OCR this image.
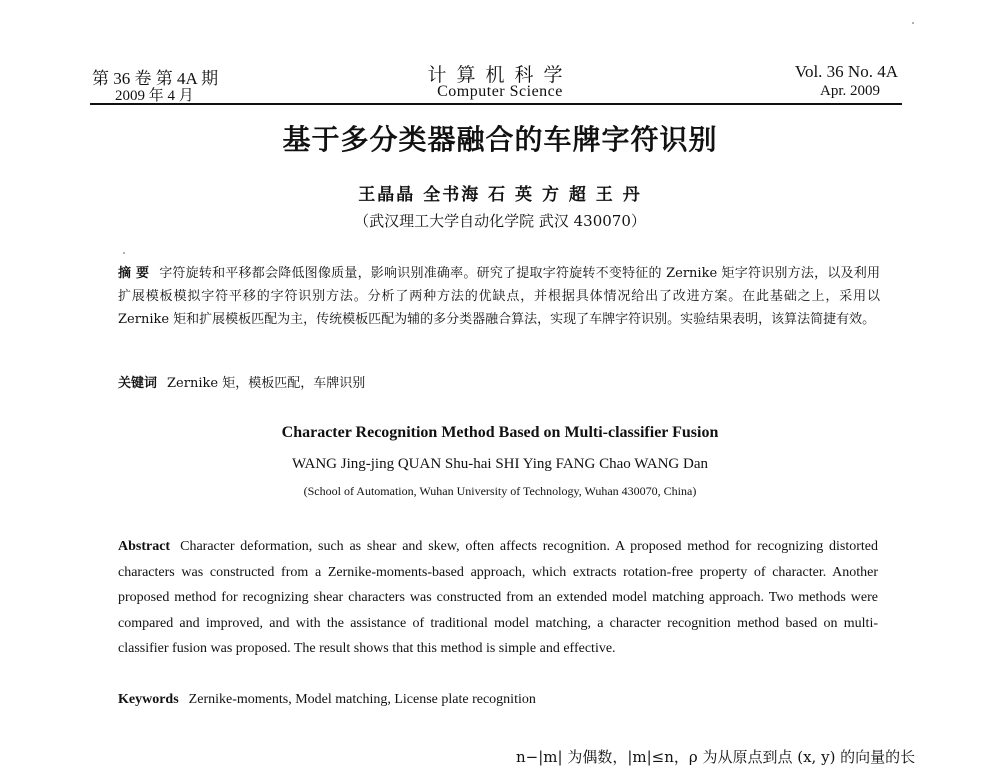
第 36 卷 第 4A 期
2009 年 4 月
计算机科学
Computer Science
Vol. 36 No. 4A
Apr. 2009
基于多分类器融合的车牌字符识别
王晶晶 全书海 石 英 方 超 王 丹
（武汉理工大学自动化学院 武汉 430070）
摘 要 字符旋转和平移都会降低图像质量，影响识别准确率。研究了提取字符旋转不变特征的 Zernike 矩字符识别方法，以及利用扩展模板模拟字符平移的字符识别方法。分析了两种方法的优缺点，并根据具体情况给出了改进方案。在此基础之上，采用以 Zernike 矩和扩展模板匹配为主，传统模板匹配为辅的多分类器融合算法，实现了车牌字符识别。实验结果表明，该算法简捷有效。
关键词 Zernike 矩，模板匹配，车牌识别
Character Recognition Method Based on Multi-classifier Fusion
WANG Jing-jing QUAN Shu-hai SHI Ying FANG Chao WANG Dan
(School of Automation, Wuhan University of Technology, Wuhan 430070, China)
Abstract Character deformation, such as shear and skew, often affects recognition. A proposed method for recognizing distorted characters was constructed from a Zernike-moments-based approach, which extracts rotation-free property of character. Another proposed method for recognizing shear characters was constructed from an extended model matching approach. Two methods were compared and improved, and with the assistance of traditional model matching, a character recognition method based on multi-classifier fusion was proposed. The result shows that this method is simple and effective.
Keywords Zernike-moments, Model matching, License plate recognition
n−|m| 为偶数，|m|≤n，ρ 为从原点到点 (x, y) 的向量的长
